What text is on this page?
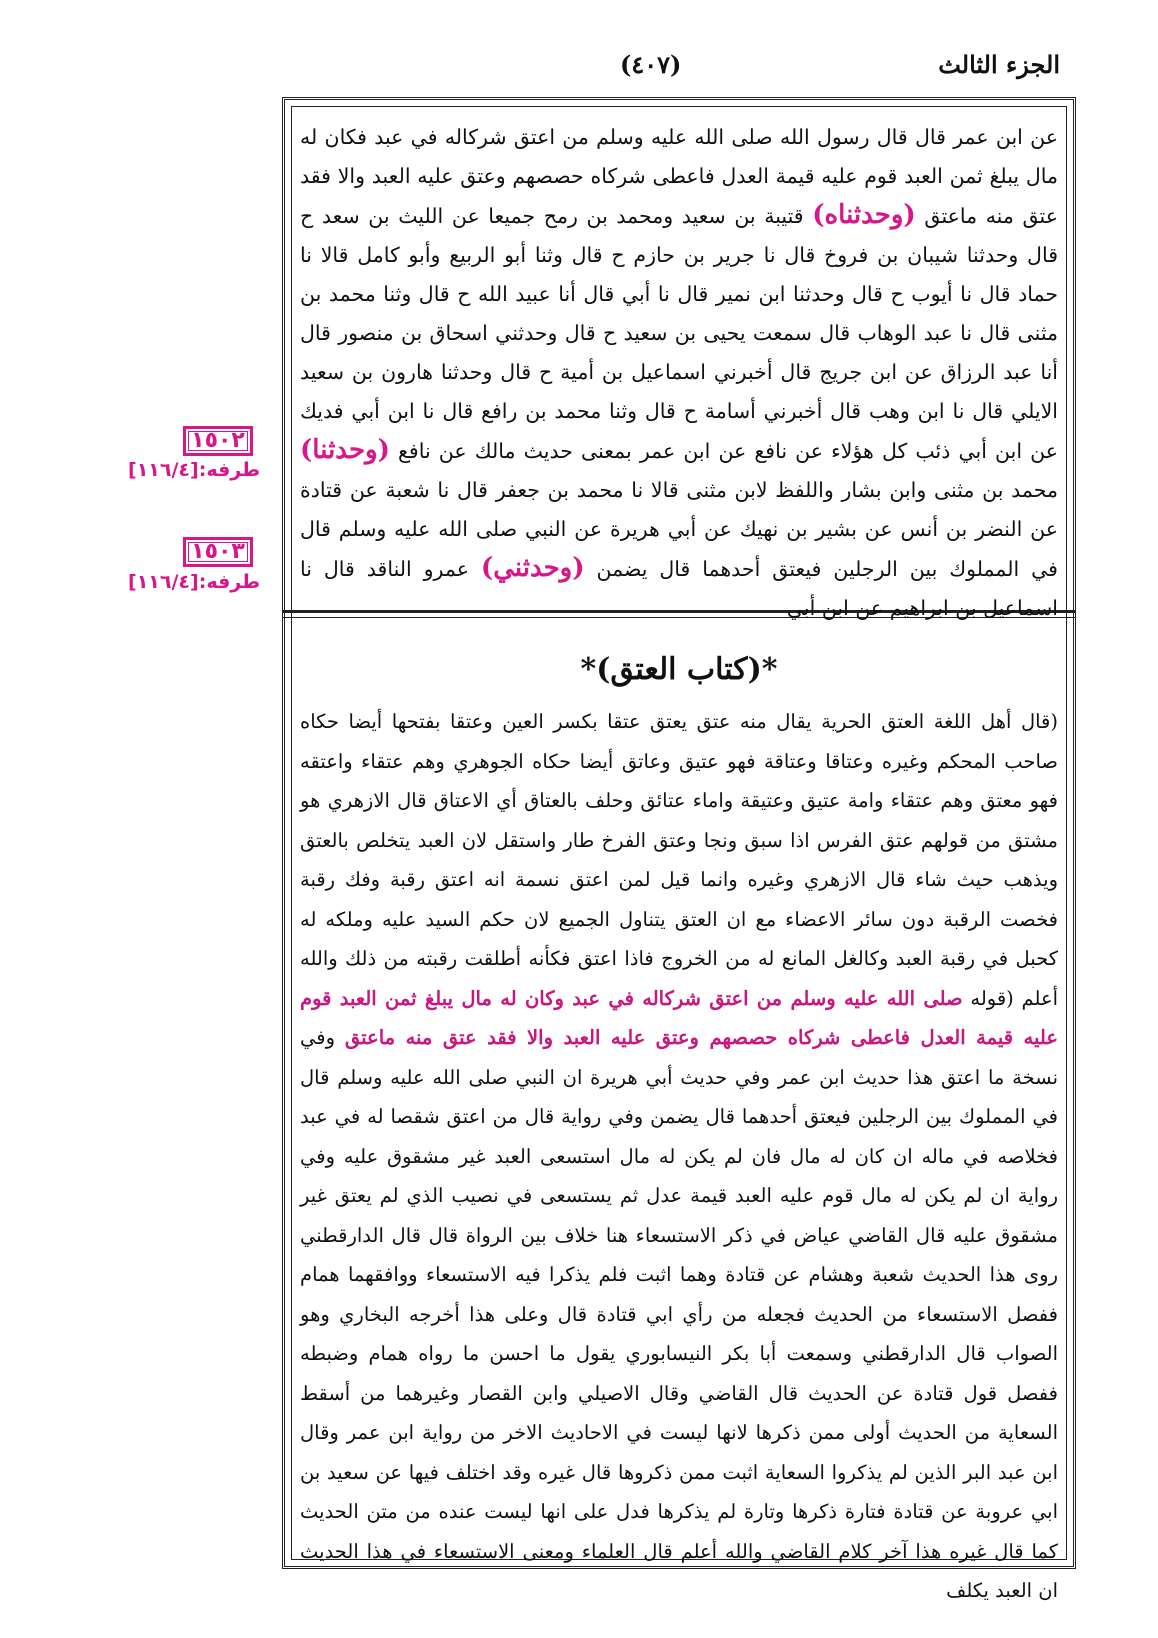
الجزء الثالث
(٤٠٧)
١٥٠٢
طرفه:[١١٦/٤]
١٥٠٣
طرفه:[١١٦/٤]

عن ابن عمر قال قال رسول الله صلى الله عليه وسلم من اعتق شركاله في عبد فكان له مال يبلغ ثمن العبد قوم عليه قيمة العدل فاعطى شركاه حصصهم وعتق عليه العبد والا فقد عتق منه ماعتق (وحدثناه) قتيبة بن سعيد ومحمد بن رمح جميعا عن الليث بن سعد ح قال وحدثنا شيبان بن فروخ قال نا جرير بن حازم ح قال وثنا أبو الربيع وأبو كامل قالا نا حماد قال نا أيوب ح قال وحدثنا ابن نمير قال نا أبي قال أنا عبيد الله ح قال وثنا محمد بن مثنى قال نا عبد الوهاب قال سمعت يحيى بن سعيد ح قال وحدثني اسحاق بن منصور قال أنا عبد الرزاق عن ابن جريج قال أخبرني اسماعيل بن أمية ح قال وحدثنا هارون بن سعيد الايلي قال نا ابن وهب قال أخبرني أسامة ح قال وثنا محمد بن رافع قال نا ابن أبي فديك عن ابن أبي ذئب كل هؤلاء عن نافع عن ابن عمر بمعنى حديث مالك عن نافع (وحدثنا) محمد بن مثنى وابن بشار واللفظ لابن مثنى قالا نا محمد بن جعفر قال نا شعبة عن قتادة عن النضر بن أنس عن بشير بن نهيك عن أبي هريرة عن النبي صلى الله عليه وسلم قال في المملوك بين الرجلين فيعتق أحدهما قال يضمن (وحدثني) عمرو الناقد قال نا اسماعيل بن ابراهيم عن ابن أبي

*(كتاب العتق)*

(قال أهل اللغة العتق الحرية يقال منه عتق يعتق عتقا بكسر العين وعتقا بفتحها أيضا حكاه صاحب المحكم وغيره وعتاقا وعتاقة فهو عتيق وعاتق أيضا حكاه الجوهري وهم عتقاء واعتقه فهو معتق وهم عتقاء وامة عتيق وعتيقة واماء عتائق وحلف بالعتاق أي الاعتاق قال الازهري هو مشتق من قولهم عتق الفرس اذا سبق ونجا وعتق الفرخ طار واستقل لان العبد يتخلص بالعتق ويذهب حيث شاء قال الازهري وغيره وانما قيل لمن اعتق نسمة انه اعتق رقبة وفك رقبة فخصت الرقبة دون سائر الاعضاء مع ان العتق يتناول الجميع لان حكم السيد عليه وملكه له كحبل في رقبة العبد وكالغل المانع له من الخروج فاذا اعتق فكأنه أطلقت رقبته من ذلك والله أعلم (قوله صلى الله عليه وسلم من اعتق شركاله في عبد وكان له مال يبلغ ثمن العبد قوم عليه قيمة العدل فاعطى شركاه حصصهم وعتق عليه العبد والا فقد عتق منه ماعتق وفي نسخة ما اعتق هذا حديث ابن عمر وفي حديث أبي هريرة ان النبي صلى الله عليه وسلم قال في المملوك بين الرجلين فيعتق أحدهما قال يضمن وفي رواية قال من اعتق شقصا له في عبد فخلاصه في ماله ان كان له مال فان لم يكن له مال استسعى العبد غير مشقوق عليه وفي رواية ان لم يكن له مال قوم عليه العبد قيمة عدل ثم يستسعى في نصيب الذي لم يعتق غير مشقوق عليه قال القاضي عياض في ذكر الاستسعاء هنا خلاف بين الرواة قال قال الدارقطني روى هذا الحديث شعبة وهشام عن قتادة وهما اثبت فلم يذكرا فيه الاستسعاء ووافقهما همام ففصل الاستسعاء من الحديث فجعله من رأي ابي قتادة قال وعلى هذا أخرجه البخاري وهو الصواب قال الدارقطني وسمعت أبا بكر النيسابوري يقول ما احسن ما رواه همام وضبطه ففصل قول قتادة عن الحديث قال القاضي وقال الاصيلي وابن القصار وغيرهما من أسقط السعاية من الحديث أولى ممن ذكرها لانها ليست في الاحاديث الاخر من رواية ابن عمر وقال ابن عبد البر الذين لم يذكروا السعاية اثبت ممن ذكروها قال غيره وقد اختلف فيها عن سعيد بن ابي عروبة عن قتادة فتارة ذكرها وتارة لم يذكرها فدل على انها ليست عنده من متن الحديث كما قال غيره هذا آخر كلام القاضي والله أعلم قال العلماء ومعنى الاستسعاء في هذا الحديث ان العبد يكلف
